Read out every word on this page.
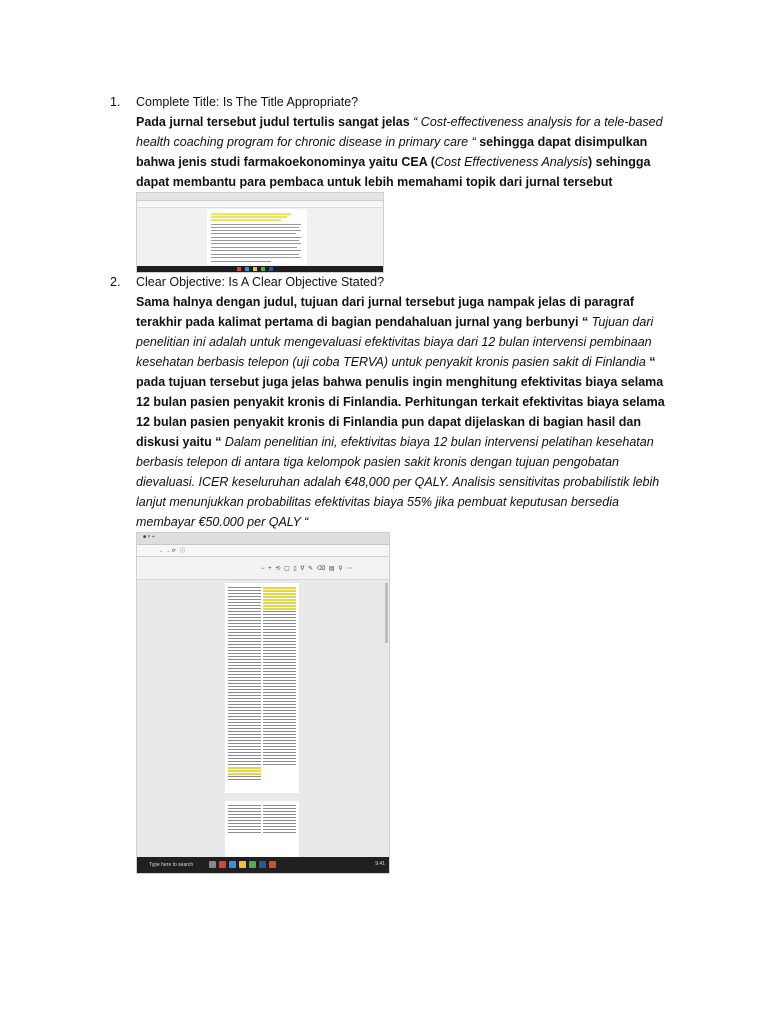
1. Complete Title: Is The Title Appropriate?
Pada jurnal tersebut judul tertulis sangat jelas “ Cost-effectiveness analysis for a tele-based health coaching program for chronic disease in primary care “ sehingga dapat disimpulkan bahwa jenis studi farmakoekonominya yaitu CEA (Cost Effectiveness Analysis) sehingga dapat membantu para pembaca untuk lebih memahami topik dari jurnal tersebut
2. Clear Objective: Is A Clear Objective Stated?
Sama halnya dengan judul, tujuan dari jurnal tersebut juga nampak jelas di paragraf terakhir pada kalimat pertama di bagian pendahaluan jurnal yang berbunyi “ Tujuan dari penelitian ini adalah untuk mengevaluasi efektivitas biaya dari 12 bulan intervensi pembinaan kesehatan berbasis telepon (uji coba TERVA) untuk penyakit kronis pasien sakit di Finlandia “ pada tujuan tersebut juga jelas bahwa penulis ingin menghitung efektivitas biaya selama 12 bulan pasien penyakit kronis di Finlandia. Perhitungan terkait efektivitas biaya selama 12 bulan pasien penyakit kronis di Finlandia pun dapat dijelaskan di bagian hasil dan diskusi yaitu “ Dalam penelitian ini, efektivitas biaya 12 bulan intervensi pelatihan kesehatan berbasis telepon di antara tiga kelompok pasien sakit kronis dengan tujuan pengobatan dievaluasi. ICER keseluruhan adalah €48,000 per QALY. Analisis sensitivitas probabilistik lebih lanjut menunjukkan probabilitas efektivitas biaya 55% jika pembuat keputusan bersedia membayar €50.000 per QALY “
■ × +
← → ⟳   ⓘ
− + ⟲ ▢ ▯ ∇ ✎ ⌫ ▤ ⚲ ⋯
Type here to search	9:41
